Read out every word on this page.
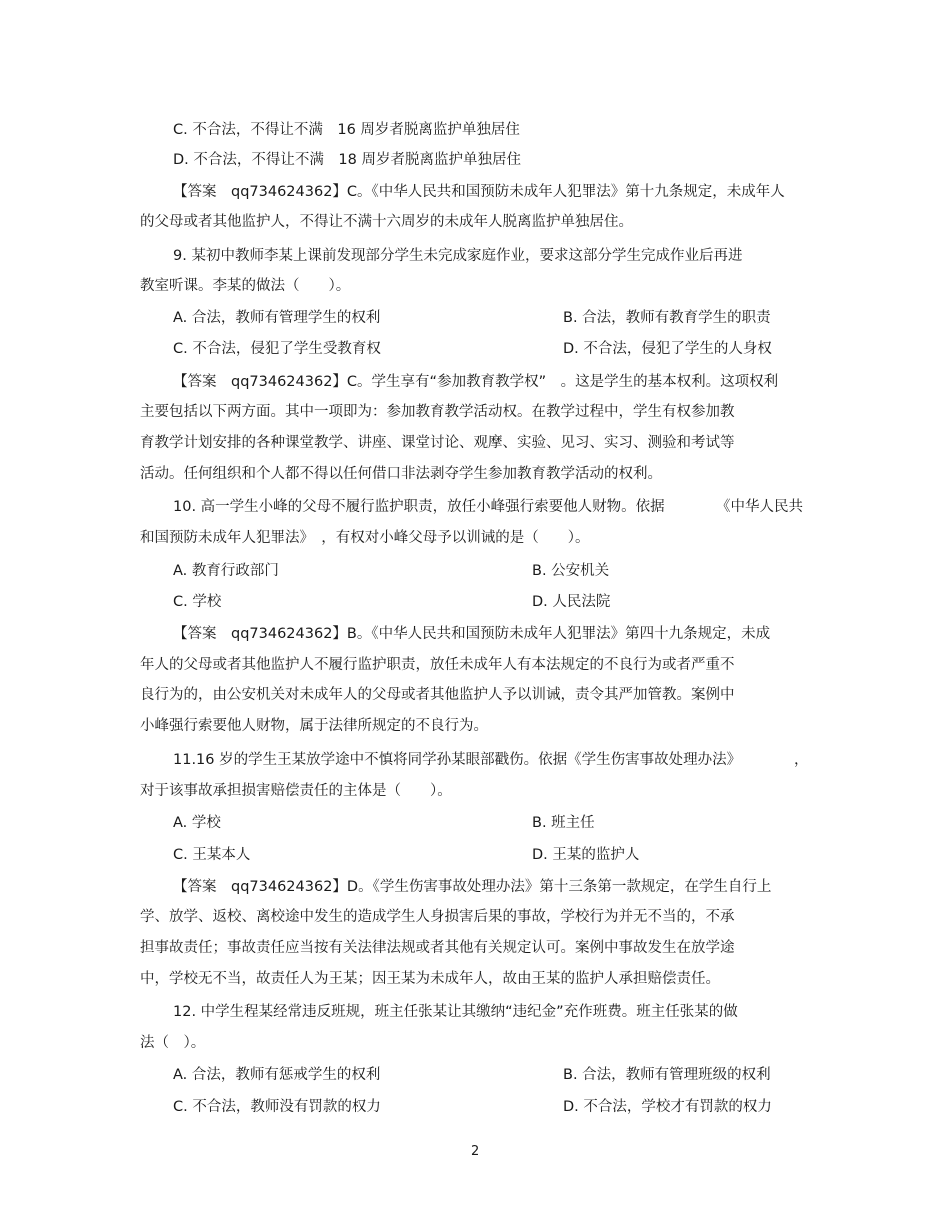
C. 不合法，不得让不满　16 周岁者脱离监护单独居住
D. 不合法，不得让不满　18 周岁者脱离监护单独居住
【答案　qq734624362】C。《中华人民共和国预防未成年人犯罪法》第十九条规定，未成年人
的父母或者其他监护人，不得让不满十六周岁的未成年人脱离监护单独居住。
9. 某初中教师李某上课前发现部分学生未完成家庭作业，要求这部分学生完成作业后再进
教室听课。李某的做法（　　）。
A. 合法，教师有管理学生的权利	B. 合法，教师有教育学生的职责
C. 不合法，侵犯了学生受教育权	D. 不合法，侵犯了学生的人身权
【答案　qq734624362】C。学生享有“参加教育教学权”　。这是学生的基本权利。这项权利
主要包括以下两方面。其中一项即为：参加教育教学活动权。在教学过程中，学生有权参加教
育教学计划安排的各种课堂教学、讲座、课堂讨论、观摩、实验、见习、实习、测验和考试等
活动。任何组织和个人都不得以任何借口非法剥夺学生参加教育教学活动的权利。
10. 高一学生小峰的父母不履行监护职责，放任小峰强行索要他人财物。依据	《中华人民共
和国预防未成年人犯罪法》　，有权对小峰父母予以训诫的是（　　）。
A. 教育行政部门	B. 公安机关
C. 学校	D. 人民法院
【答案　qq734624362】B。《中华人民共和国预防未成年人犯罪法》第四十九条规定，未成
年人的父母或者其他监护人不履行监护职责，放任未成年人有本法规定的不良行为或者严重不
良行为的，由公安机关对未成年人的父母或者其他监护人予以训诫，责令其严加管教。案例中
小峰强行索要他人财物，属于法律所规定的不良行为。
11.16 岁的学生王某放学途中不慎将同学孙某眼部戳伤。依据《学生伤害事故处理办法》	，
对于该事故承担损害赔偿责任的主体是（　　）。
A. 学校	B. 班主任
C. 王某本人	D. 王某的监护人
【答案　qq734624362】D。《学生伤害事故处理办法》第十三条第一款规定，在学生自行上
学、放学、返校、离校途中发生的造成学生人身损害后果的事故，学校行为并无不当的，不承
担事故责任；事故责任应当按有关法律法规或者其他有关规定认可。案例中事故发生在放学途
中，学校无不当，故责任人为王某；因王某为未成年人，故由王某的监护人承担赔偿责任。
12. 中学生程某经常违反班规，班主任张某让其缴纳“违纪金”充作班费。班主任张某的做
法（　）。
A. 合法，教师有惩戒学生的权利	B. 合法，教师有管理班级的权利
C. 不合法，教师没有罚款的权力	D. 不合法，学校才有罚款的权力
2
